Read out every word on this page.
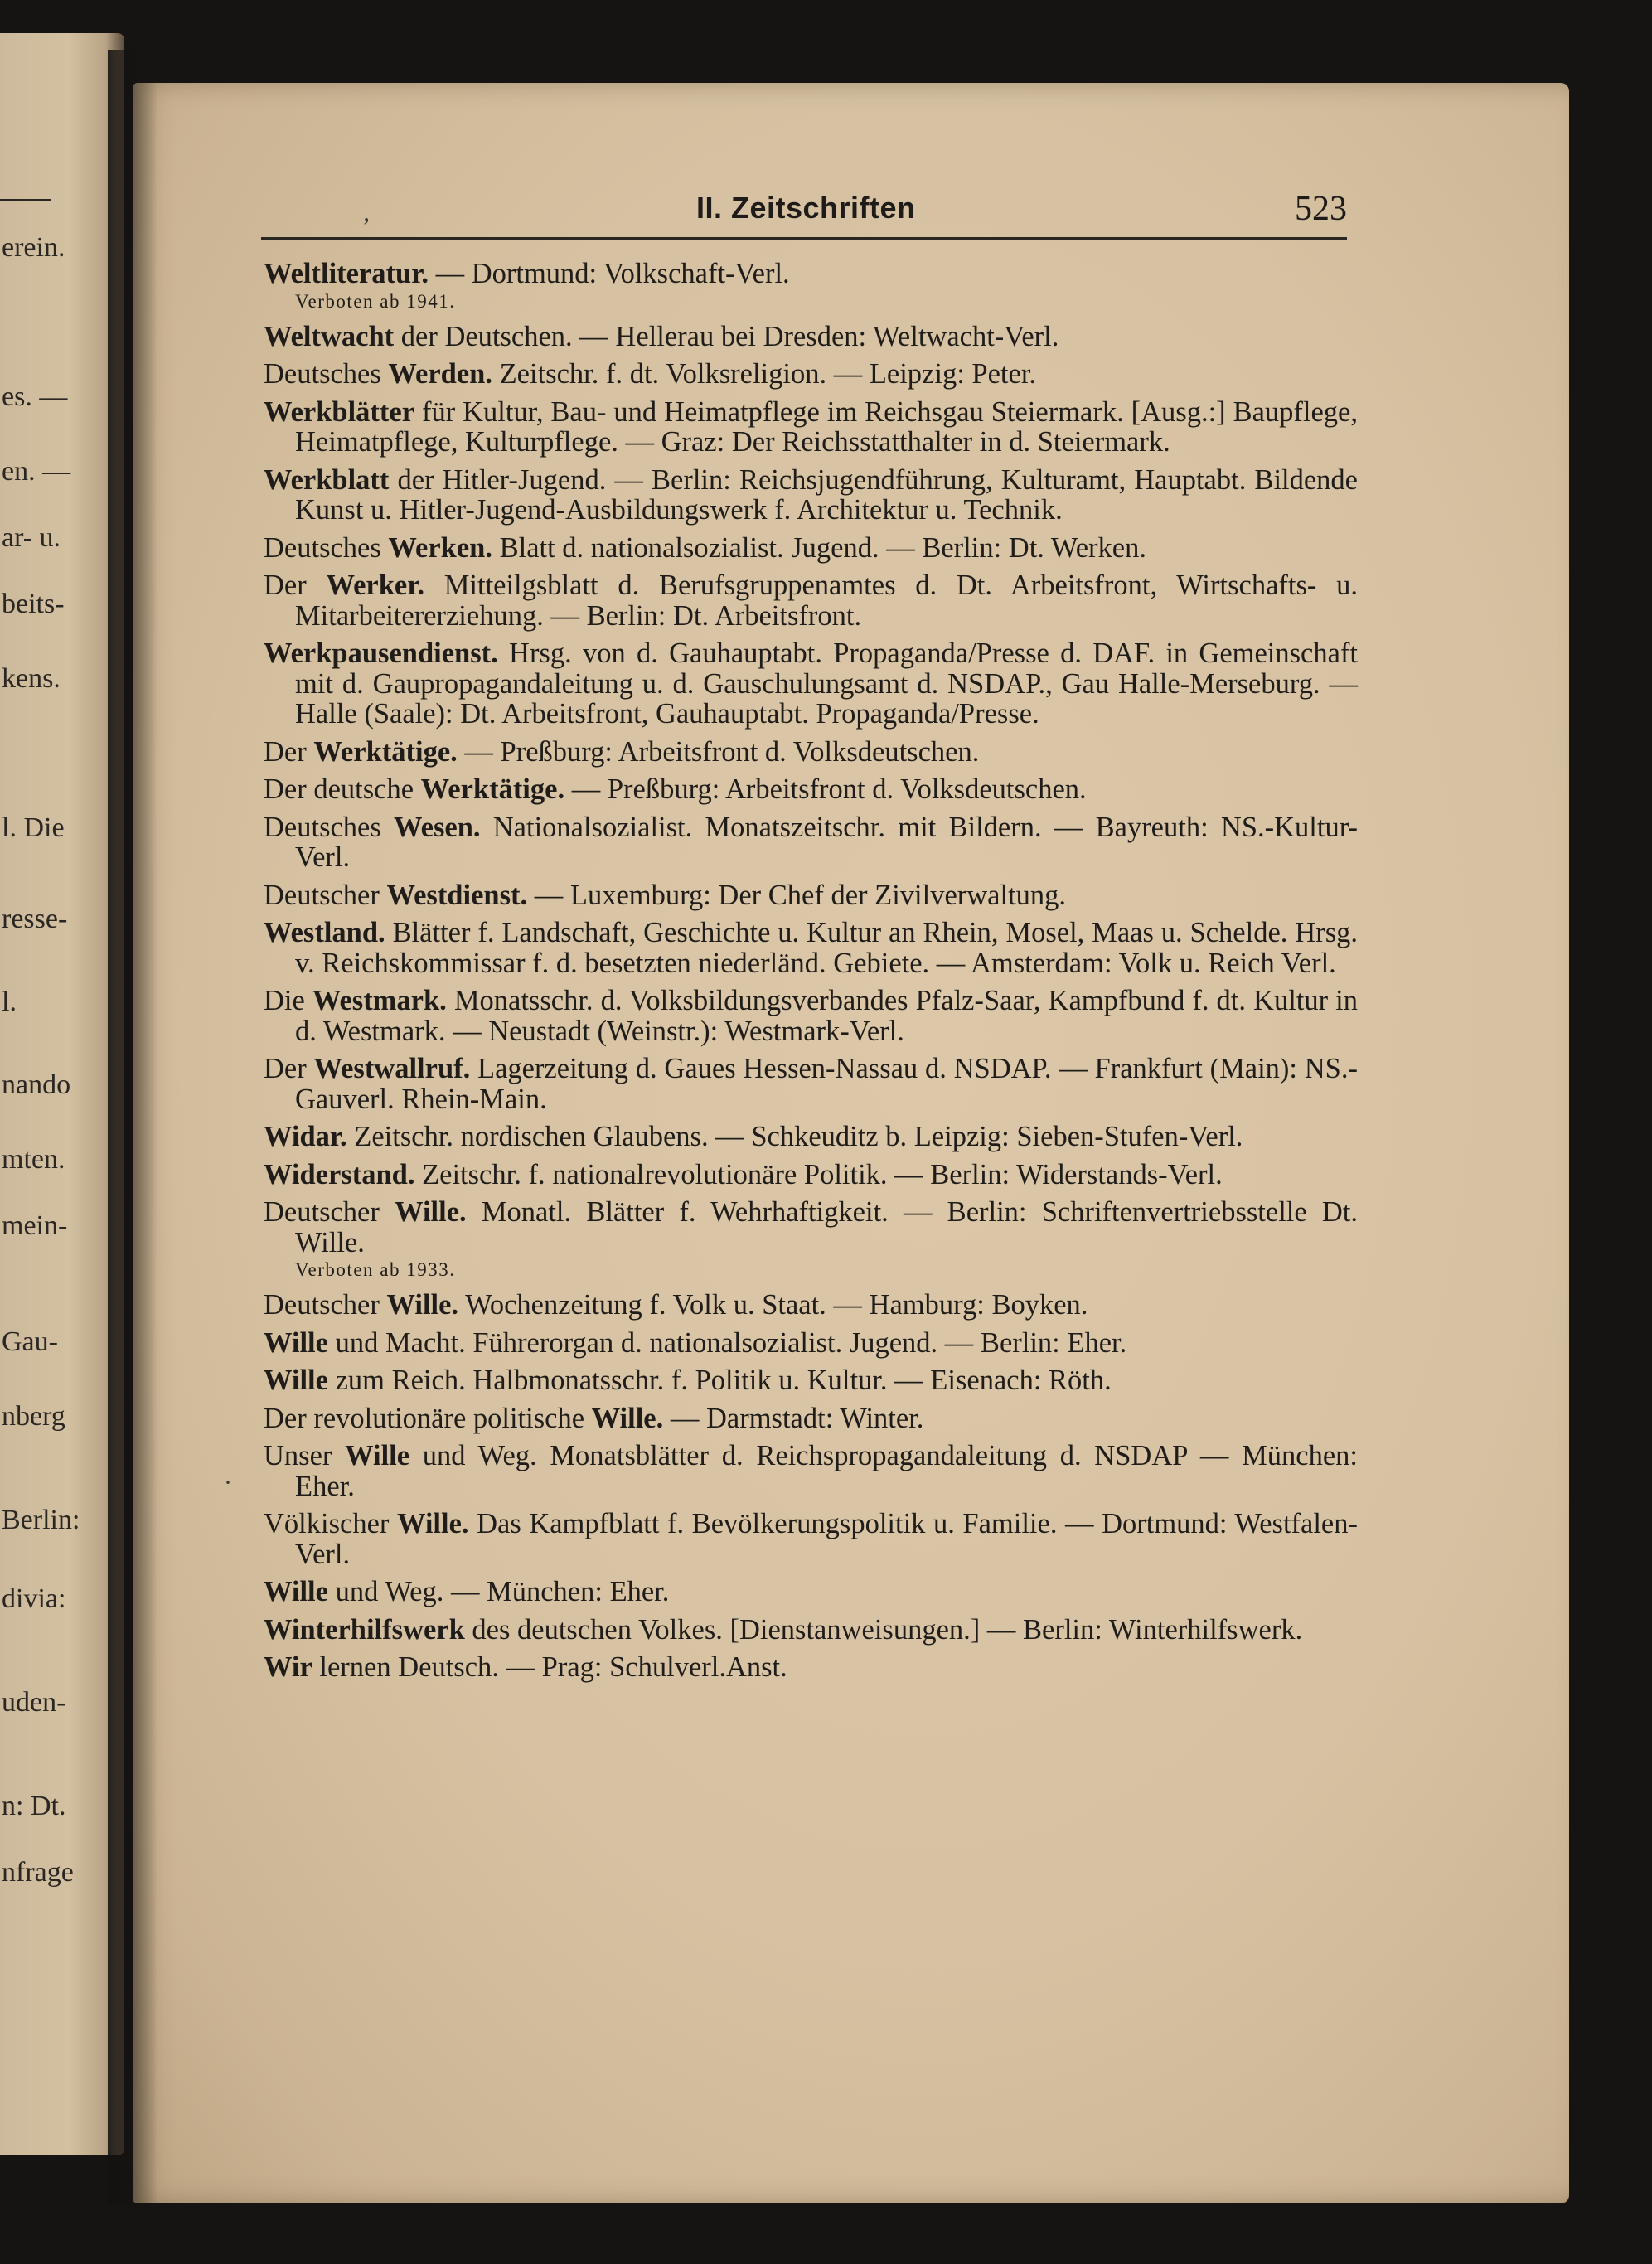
erein.
es. —
en. —
ar- u.
beits-
kens.
l. Die
resse-
l.
nando
mten.
mein-
Gau-
nberg
Berlin:
divia:
uden-
n: Dt.
nfrage
II. Zeitschriften	523
‚
·
Weltliteratur. — Dortmund: Volkschaft-Verl.
Verboten ab 1941.
Weltwacht der Deutschen. — Hellerau bei Dresden: Weltwacht-Verl.
Deutsches Werden. Zeitschr. f. dt. Volksreligion. — Leipzig: Peter.
Werkblätter für Kultur, Bau- und Heimatpflege im Reichsgau Steiermark. [Ausg.:] Baupflege, Heimatpflege, Kulturpflege. — Graz: Der Reichsstatthalter in d. Steiermark.
Werkblatt der Hitler-Jugend. — Berlin: Reichsjugendführung, Kulturamt, Hauptabt. Bildende Kunst u. Hitler-Jugend-Ausbildungswerk f. Architektur u. Technik.
Deutsches Werken. Blatt d. nationalsozialist. Jugend. — Berlin: Dt. Werken.
Der Werker. Mitteilgsblatt d. Berufsgruppenamtes d. Dt. Arbeitsfront, Wirtschafts- u. Mitarbeitererziehung. — Berlin: Dt. Arbeitsfront.
Werkpausendienst. Hrsg. von d. Gauhauptabt. Propaganda/Presse d. DAF. in Gemeinschaft mit d. Gaupropagandaleitung u. d. Gauschulungsamt d. NSDAP., Gau Halle-Merseburg. — Halle (Saale): Dt. Arbeitsfront, Gauhauptabt. Propaganda/Presse.
Der Werktätige. — Preßburg: Arbeitsfront d. Volksdeutschen.
Der deutsche Werktätige. — Preßburg: Arbeitsfront d. Volksdeutschen.
Deutsches Wesen. Nationalsozialist. Monatszeitschr. mit Bildern. — Bayreuth: NS.-Kultur-Verl.
Deutscher Westdienst. — Luxemburg: Der Chef der Zivilverwaltung.
Westland. Blätter f. Landschaft, Geschichte u. Kultur an Rhein, Mosel, Maas u. Schelde. Hrsg. v. Reichskommissar f. d. besetzten niederländ. Gebiete. — Amsterdam: Volk u. Reich Verl.
Die Westmark. Monatsschr. d. Volksbildungsverbandes Pfalz-Saar, Kampfbund f. dt. Kultur in d. Westmark. — Neustadt (Weinstr.): Westmark-Verl.
Der Westwallruf. Lagerzeitung d. Gaues Hessen-Nassau d. NSDAP. — Frankfurt (Main): NS.-Gauverl. Rhein-Main.
Widar. Zeitschr. nordischen Glaubens. — Schkeuditz b. Leipzig: Sieben-Stufen-Verl.
Widerstand. Zeitschr. f. nationalrevolutionäre Politik. — Berlin: Widerstands-Verl.
Deutscher Wille. Monatl. Blätter f. Wehrhaftigkeit. — Berlin: Schriftenvertriebsstelle Dt. Wille.
Verboten ab 1933.
Deutscher Wille. Wochenzeitung f. Volk u. Staat. — Hamburg: Boyken.
Wille und Macht. Führerorgan d. nationalsozialist. Jugend. — Berlin: Eher.
Wille zum Reich. Halbmonatsschr. f. Politik u. Kultur. — Eisenach: Röth.
Der revolutionäre politische Wille. — Darmstadt: Winter.
Unser Wille und Weg. Monatsblätter d. Reichspropagandaleitung d. NSDAP — München: Eher.
Völkischer Wille. Das Kampfblatt f. Bevölkerungspolitik u. Familie. — Dortmund: Westfalen-Verl.
Wille und Weg. — München: Eher.
Winterhilfswerk des deutschen Volkes. [Dienstanweisungen.] — Berlin: Winterhilfswerk.
Wir lernen Deutsch. — Prag: Schulverl.Anst.
